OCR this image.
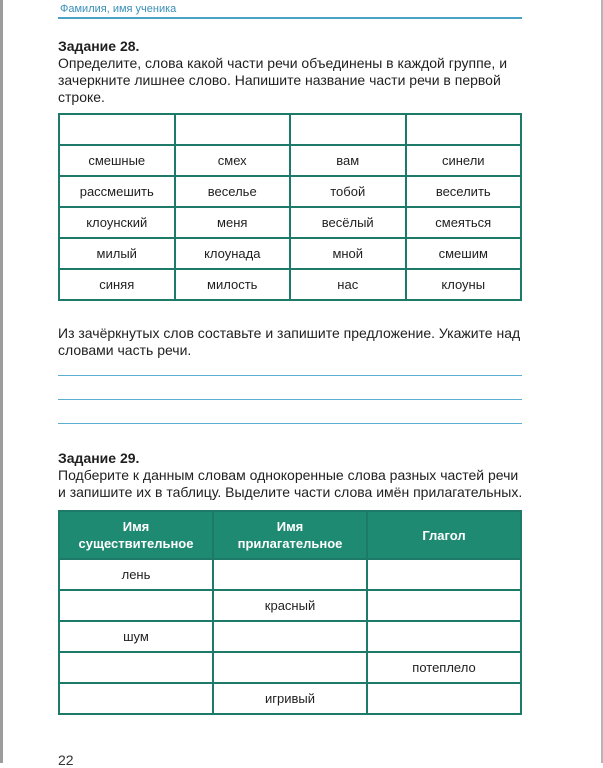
Фамилия, имя ученика
Задание 28.
Определите, слова какой части речи объединены в каждой группе, и зачеркните лишнее слово. Напишите название части речи в первой строке.

смешные	смех	вам	синели
рассмешить	веселье	тобой	веселить
клоунский	меня	весёлый	смеяться
милый	клоунада	мной	смешим
синяя	милость	нас	клоуны
Из зачёркнутых слов составьте и запишите предложение. Укажите над словами часть речи.
Задание 29.
Подберите к данным словам однокоренные слова разных частей речи и запишите их в таблицу. Выделите части слова имён прилагательных.
Имя существительное	Имя прилагательное	Глагол
лень		
	красный	
шум		
		потеплело
	игривый	
22
